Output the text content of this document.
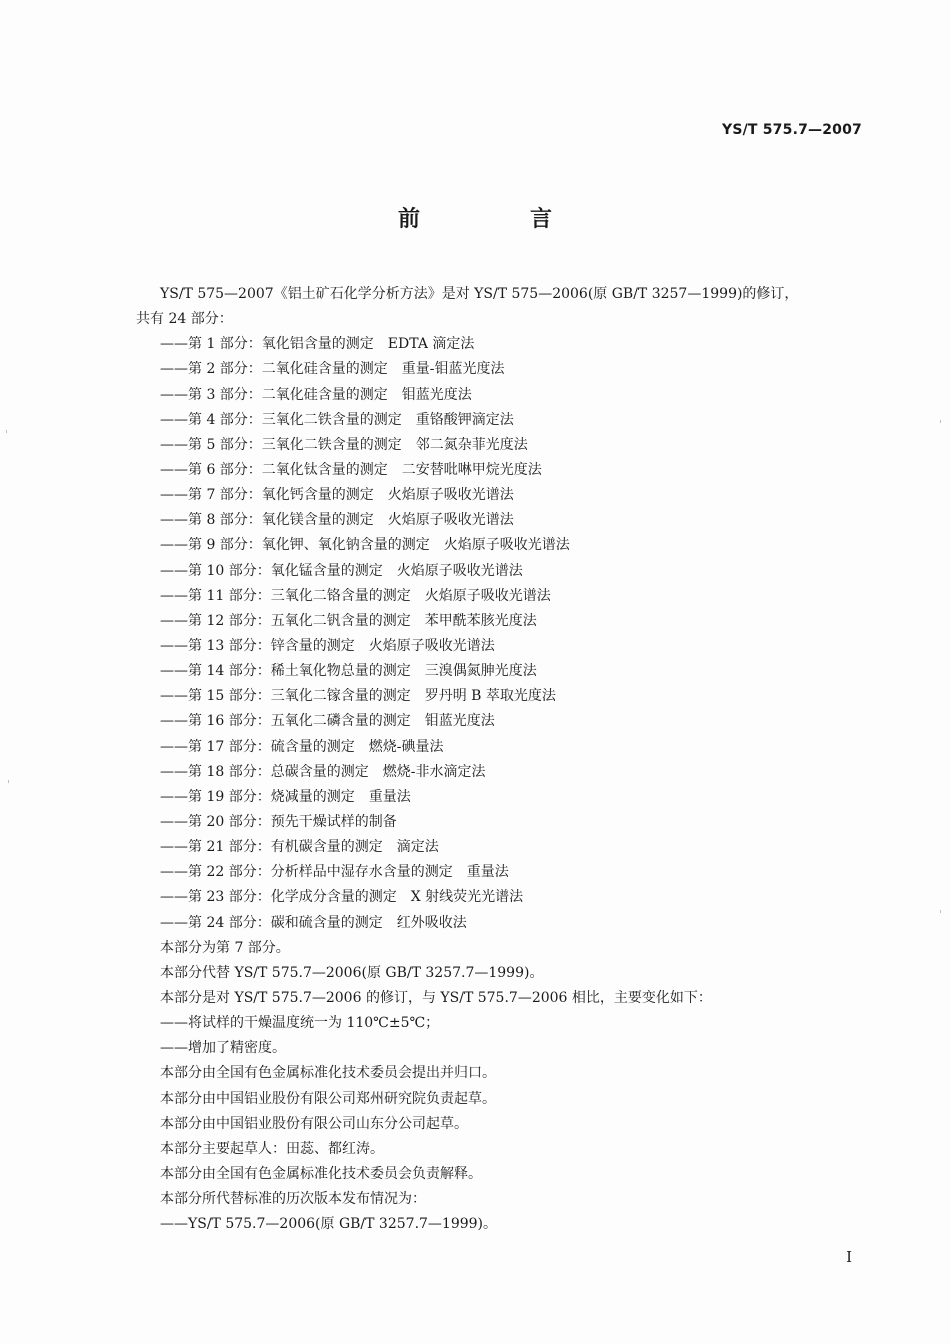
YS/T 575.7—2007
前　言
YS/T 575—2007《铝土矿石化学分析方法》是对 YS/T 575—2006(原 GB/T 3257—1999)的修订，
共有 24 部分：
——第 1 部分：氧化铝含量的测定　EDTA 滴定法
——第 2 部分：二氧化硅含量的测定　重量-钼蓝光度法
——第 3 部分：二氧化硅含量的测定　钼蓝光度法
——第 4 部分：三氧化二铁含量的测定　重铬酸钾滴定法
——第 5 部分：三氧化二铁含量的测定　邻二氮杂菲光度法
——第 6 部分：二氧化钛含量的测定　二安替吡啉甲烷光度法
——第 7 部分：氧化钙含量的测定　火焰原子吸收光谱法
——第 8 部分：氧化镁含量的测定　火焰原子吸收光谱法
——第 9 部分：氧化钾、氧化钠含量的测定　火焰原子吸收光谱法
——第 10 部分：氧化锰含量的测定　火焰原子吸收光谱法
——第 11 部分：三氧化二铬含量的测定　火焰原子吸收光谱法
——第 12 部分：五氧化二钒含量的测定　苯甲酰苯胲光度法
——第 13 部分：锌含量的测定　火焰原子吸收光谱法
——第 14 部分：稀土氧化物总量的测定　三溴偶氮胂光度法
——第 15 部分：三氧化二镓含量的测定　罗丹明 B 萃取光度法
——第 16 部分：五氧化二磷含量的测定　钼蓝光度法
——第 17 部分：硫含量的测定　燃烧-碘量法
——第 18 部分：总碳含量的测定　燃烧-非水滴定法
——第 19 部分：烧减量的测定　重量法
——第 20 部分：预先干燥试样的制备
——第 21 部分：有机碳含量的测定　滴定法
——第 22 部分：分析样品中湿存水含量的测定　重量法
——第 23 部分：化学成分含量的测定　X 射线荧光光谱法
——第 24 部分：碳和硫含量的测定　红外吸收法
本部分为第 7 部分。
本部分代替 YS/T 575.7—2006(原 GB/T 3257.7—1999)。
本部分是对 YS/T 575.7—2006 的修订，与 YS/T 575.7—2006 相比，主要变化如下：
——将试样的干燥温度统一为 110℃±5℃；
——增加了精密度。
本部分由全国有色金属标准化技术委员会提出并归口。
本部分由中国铝业股份有限公司郑州研究院负责起草。
本部分由中国铝业股份有限公司山东分公司起草。
本部分主要起草人：田蕊、都红涛。
本部分由全国有色金属标准化技术委员会负责解释。
本部分所代替标准的历次版本发布情况为：
——YS/T 575.7—2006(原 GB/T 3257.7—1999)。
I
